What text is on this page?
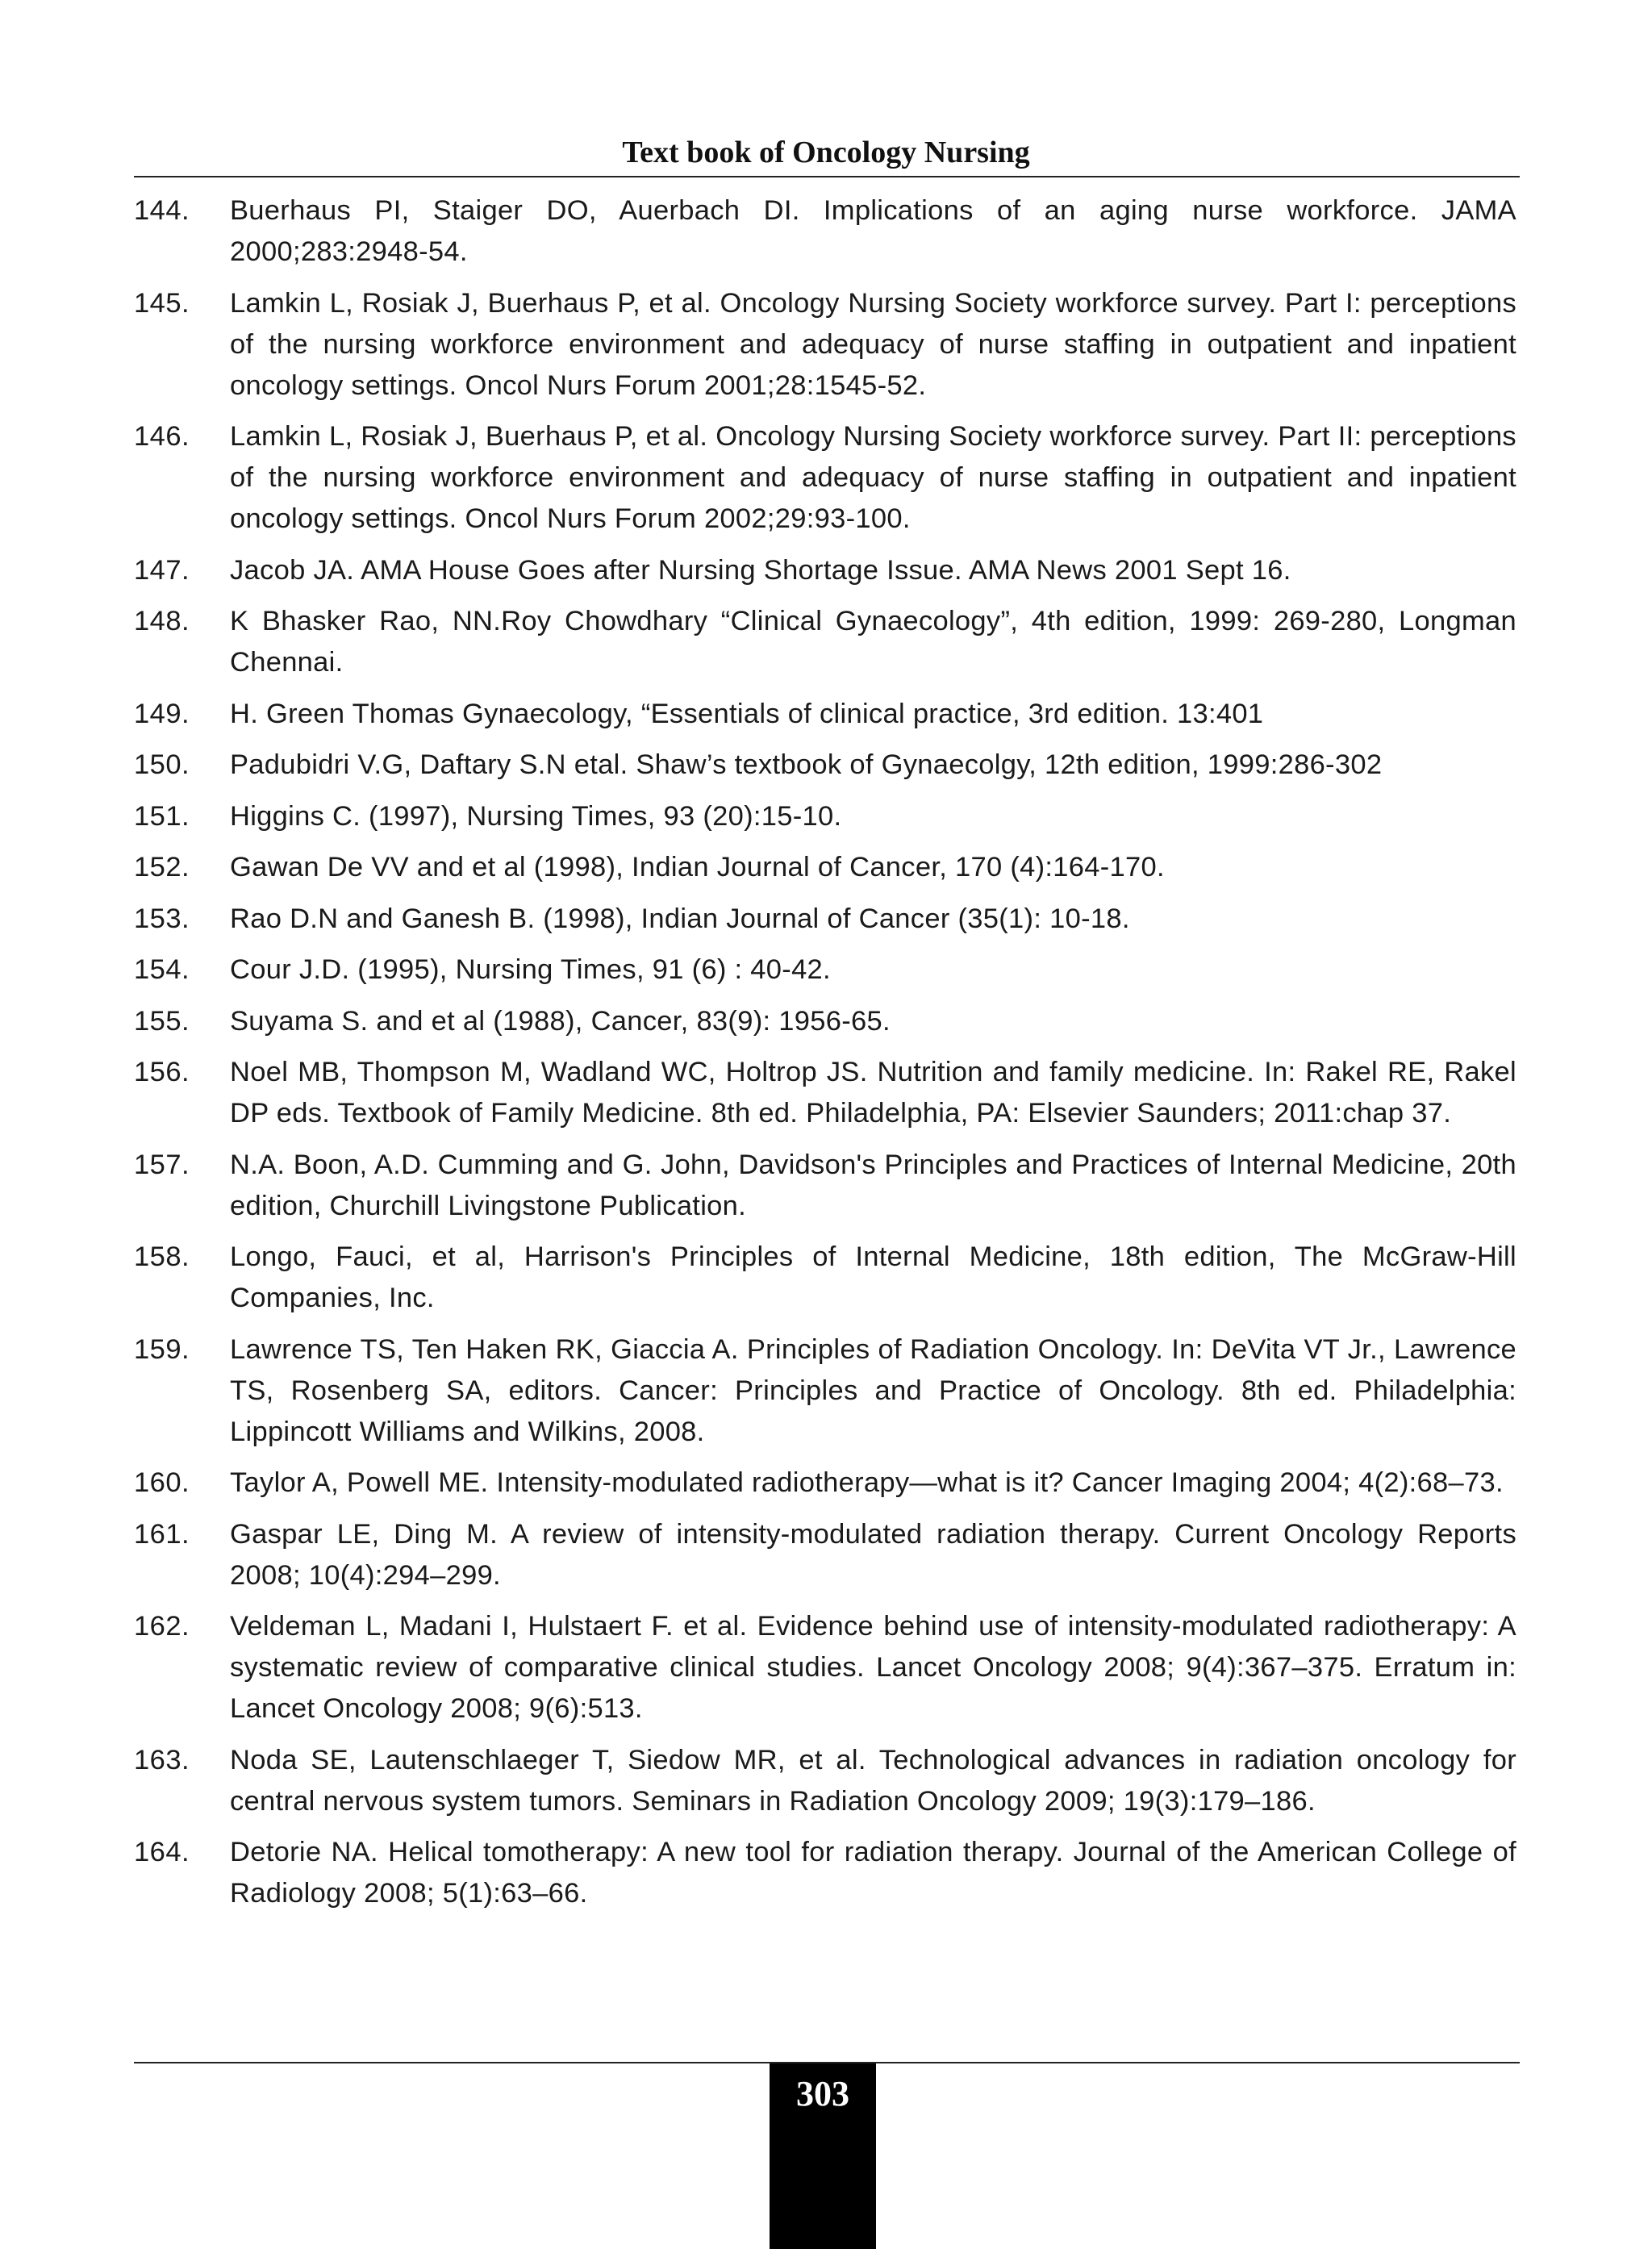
Text book of Oncology Nursing
144.	Buerhaus PI, Staiger DO, Auerbach DI. Implications of an aging nurse workforce. JAMA 2000;283:2948-54.
145.	Lamkin L, Rosiak J, Buerhaus P, et al. Oncology Nursing Society workforce survey. Part I: perceptions of the nursing workforce environment and adequacy of nurse staffing in outpatient and inpatient oncology settings. Oncol Nurs Forum 2001;28:1545-52.
146.	Lamkin L, Rosiak J, Buerhaus P, et al. Oncology Nursing Society workforce survey. Part II: perceptions of the nursing workforce environment and adequacy of nurse staffing in outpatient and inpatient oncology settings. Oncol Nurs Forum 2002;29:93-100.
147.	Jacob JA. AMA House Goes after Nursing Shortage Issue. AMA News 2001 Sept 16.
148.	K Bhasker Rao, NN.Roy Chowdhary “Clinical Gynaecology”, 4th edition, 1999: 269-280, Longman Chennai.
149.	H. Green Thomas Gynaecology, “Essentials of clinical practice, 3rd edition. 13:401
150.	Padubidri V.G, Daftary S.N etal. Shaw’s textbook of Gynaecolgy, 12th edition, 1999:286-302
151.	Higgins C. (1997), Nursing Times, 93 (20):15-10.
152.	Gawan De VV and et al (1998), Indian Journal of Cancer, 170 (4):164-170.
153.	Rao D.N and Ganesh B. (1998), Indian Journal of Cancer (35(1): 10-18.
154.	Cour J.D. (1995), Nursing Times, 91 (6) : 40-42.
155.	Suyama S. and et al (1988), Cancer, 83(9): 1956-65.
156.	Noel MB, Thompson M, Wadland WC, Holtrop JS. Nutrition and family medicine. In: Rakel RE, Rakel DP eds. Textbook of Family Medicine. 8th ed. Philadelphia, PA: Elsevier Saunders; 2011:chap 37.
157.	N.A. Boon, A.D. Cumming and G. John, Davidson's Principles and Practices of Internal Medicine, 20th edition, Churchill Livingstone Publication.
158.	Longo, Fauci, et al, Harrison's Principles of Internal Medicine, 18th edition, The McGraw-Hill Companies, Inc.
159.	Lawrence TS, Ten Haken RK, Giaccia A. Principles of Radiation Oncology. In: DeVita VT Jr., Lawrence TS, Rosenberg SA, editors. Cancer: Principles and Practice of Oncology. 8th ed. Philadelphia: Lippincott Williams and Wilkins, 2008.
160.	Taylor A, Powell ME. Intensity-modulated radiotherapy—what is it? Cancer Imaging 2004; 4(2):68–73.
161.	Gaspar LE, Ding M. A review of intensity-modulated radiation therapy. Current Oncology Reports 2008; 10(4):294–299.
162.	Veldeman L, Madani I, Hulstaert F. et al. Evidence behind use of intensity-modulated radiotherapy: A systematic review of comparative clinical studies. Lancet Oncology 2008; 9(4):367–375. Erratum in: Lancet Oncology 2008; 9(6):513.
163.	Noda SE, Lautenschlaeger T, Siedow MR, et al. Technological advances in radiation oncology for central nervous system tumors. Seminars in Radiation Oncology 2009; 19(3):179–186.
164.	Detorie NA. Helical tomotherapy: A new tool for radiation therapy. Journal of the American College of Radiology 2008; 5(1):63–66.
303
